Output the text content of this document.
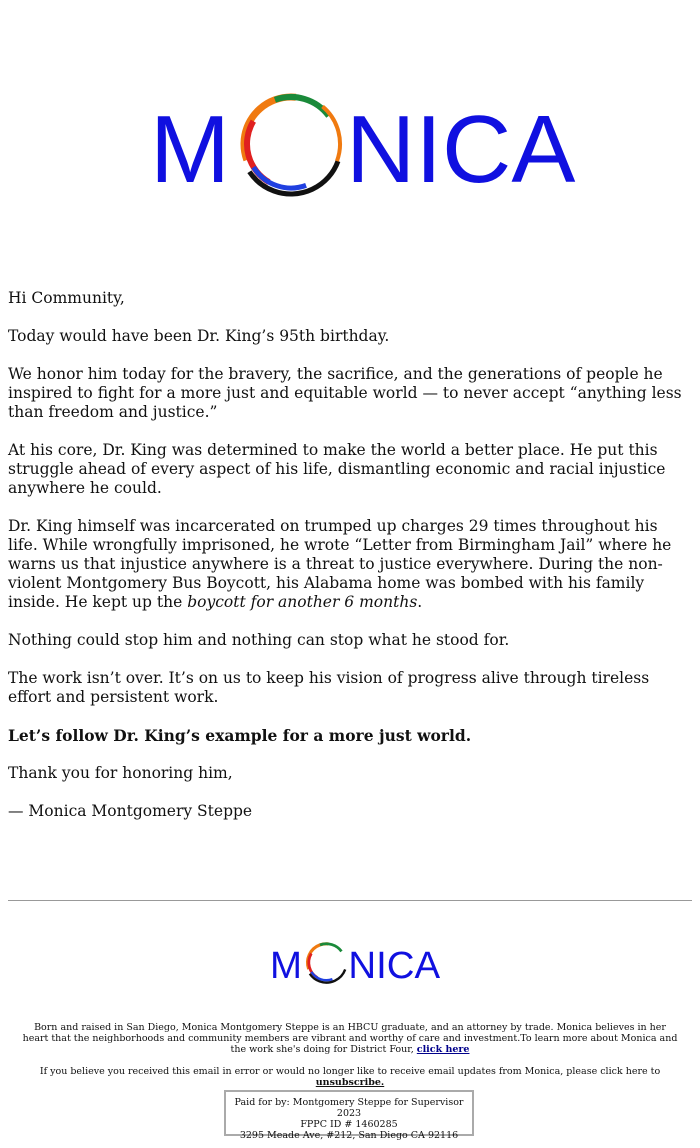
M NICA

Hi Community,

Today would have been Dr. King’s 95th birthday.

We honor him today for the bravery, the sacrifice, and the generations of people he inspired to fight for a more just and equitable world — to never accept “anything less than freedom and justice.”

At his core, Dr. King was determined to make the world a better place. He put this struggle ahead of every aspect of his life, dismantling economic and racial injustice anywhere he could.

Dr. King himself was incarcerated on trumped up charges 29 times throughout his life. While wrongfully imprisoned, he wrote “Letter from Birmingham Jail” where he warns us that injustice anywhere is a threat to justice everywhere. During the non-violent Montgomery Bus Boycott, his Alabama home was bombed with his family inside. He kept up the boycott for another 6 months.

Nothing could stop him and nothing can stop what he stood for.

The work isn’t over. It’s on us to keep his vision of progress alive through tireless effort and persistent work.

Let’s follow Dr. King’s example for a more just world.

Thank you for honoring him,

— Monica Montgomery Steppe

M NICA
Born and raised in San Diego, Monica Montgomery Steppe is an HBCU graduate, and an attorney by trade. Monica believes in her heart that the neighborhoods and community members are vibrant and worthy of care and investment.To learn more about Monica and the work she's doing for District Four, click here
If you believe you received this email in error or would no longer like to receive email updates from Monica, please click here to unsubscribe.
Paid for by: Montgomery Steppe for Supervisor 2023
FPPC ID # 1460285
3295 Meade Ave, #212, San Diego CA 92116
